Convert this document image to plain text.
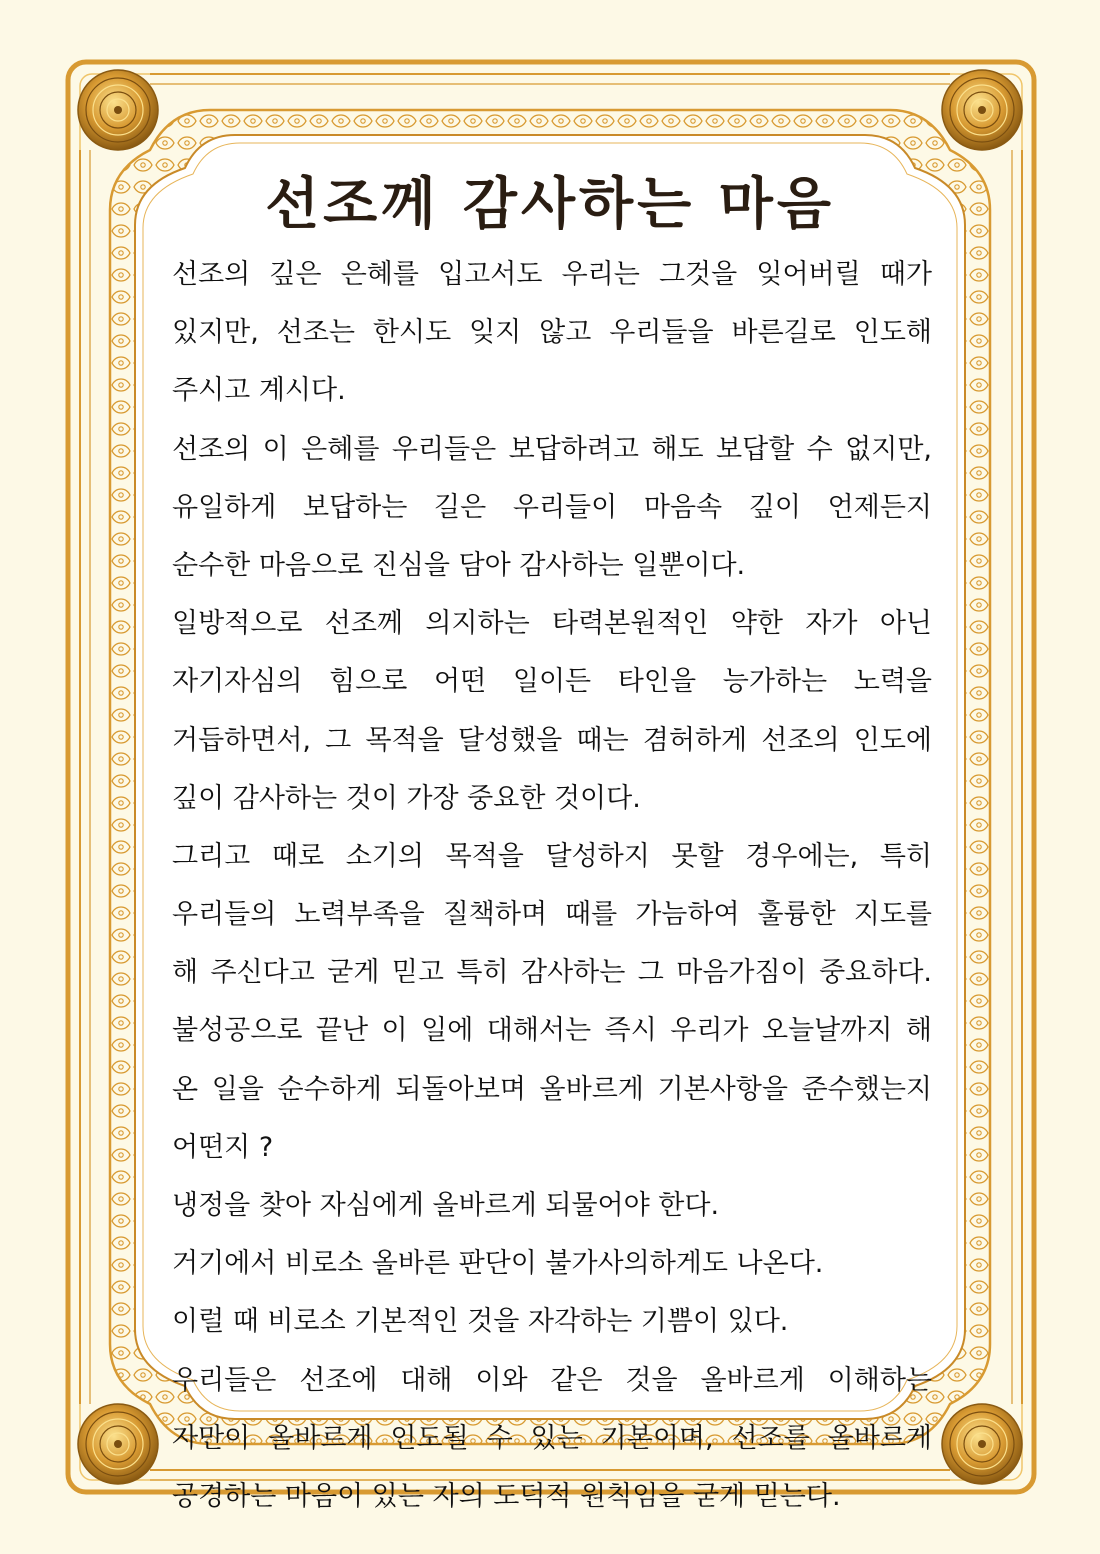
선조께 감사하는 마음
선조의 깊은 은혜를 입고서도 우리는 그것을 잊어버릴 때가
있지만, 선조는 한시도 잊지 않고 우리들을 바른길로 인도해
주시고 계시다.
선조의 이 은혜를 우리들은 보답하려고 해도 보답할 수 없지만,
유일하게 보답하는 길은 우리들이 마음속 깊이 언제든지
순수한 마음으로 진심을 담아 감사하는 일뿐이다.
일방적으로 선조께 의지하는 타력본원적인 약한 자가 아닌
자기자심의 힘으로 어떤 일이든 타인을 능가하는 노력을
거듭하면서, 그 목적을 달성했을 때는 겸허하게 선조의 인도에
깊이 감사하는 것이 가장 중요한 것이다.
그리고 때로 소기의 목적을 달성하지 못할 경우에는, 특히
우리들의 노력부족을 질책하며 때를 가늠하여 훌륭한 지도를
해 주신다고 굳게 믿고 특히 감사하는 그 마음가짐이 중요하다.
불성공으로 끝난 이 일에 대해서는 즉시 우리가 오늘날까지 해
온 일을 순수하게 되돌아보며 올바르게 기본사항을 준수했는지
어떤지 ?
냉정을 찾아 자심에게 올바르게 되물어야 한다.
거기에서 비로소 올바른 판단이 불가사의하게도 나온다.
이럴 때 비로소 기본적인 것을 자각하는 기쁨이 있다.
우리들은 선조에 대해 이와 같은 것을 올바르게 이해하는
자만이 올바르게 인도될 수 있는 기본이며, 선조를 올바르게
공경하는 마음이 있는 자의 도덕적 원칙임을 굳게 믿는다.
